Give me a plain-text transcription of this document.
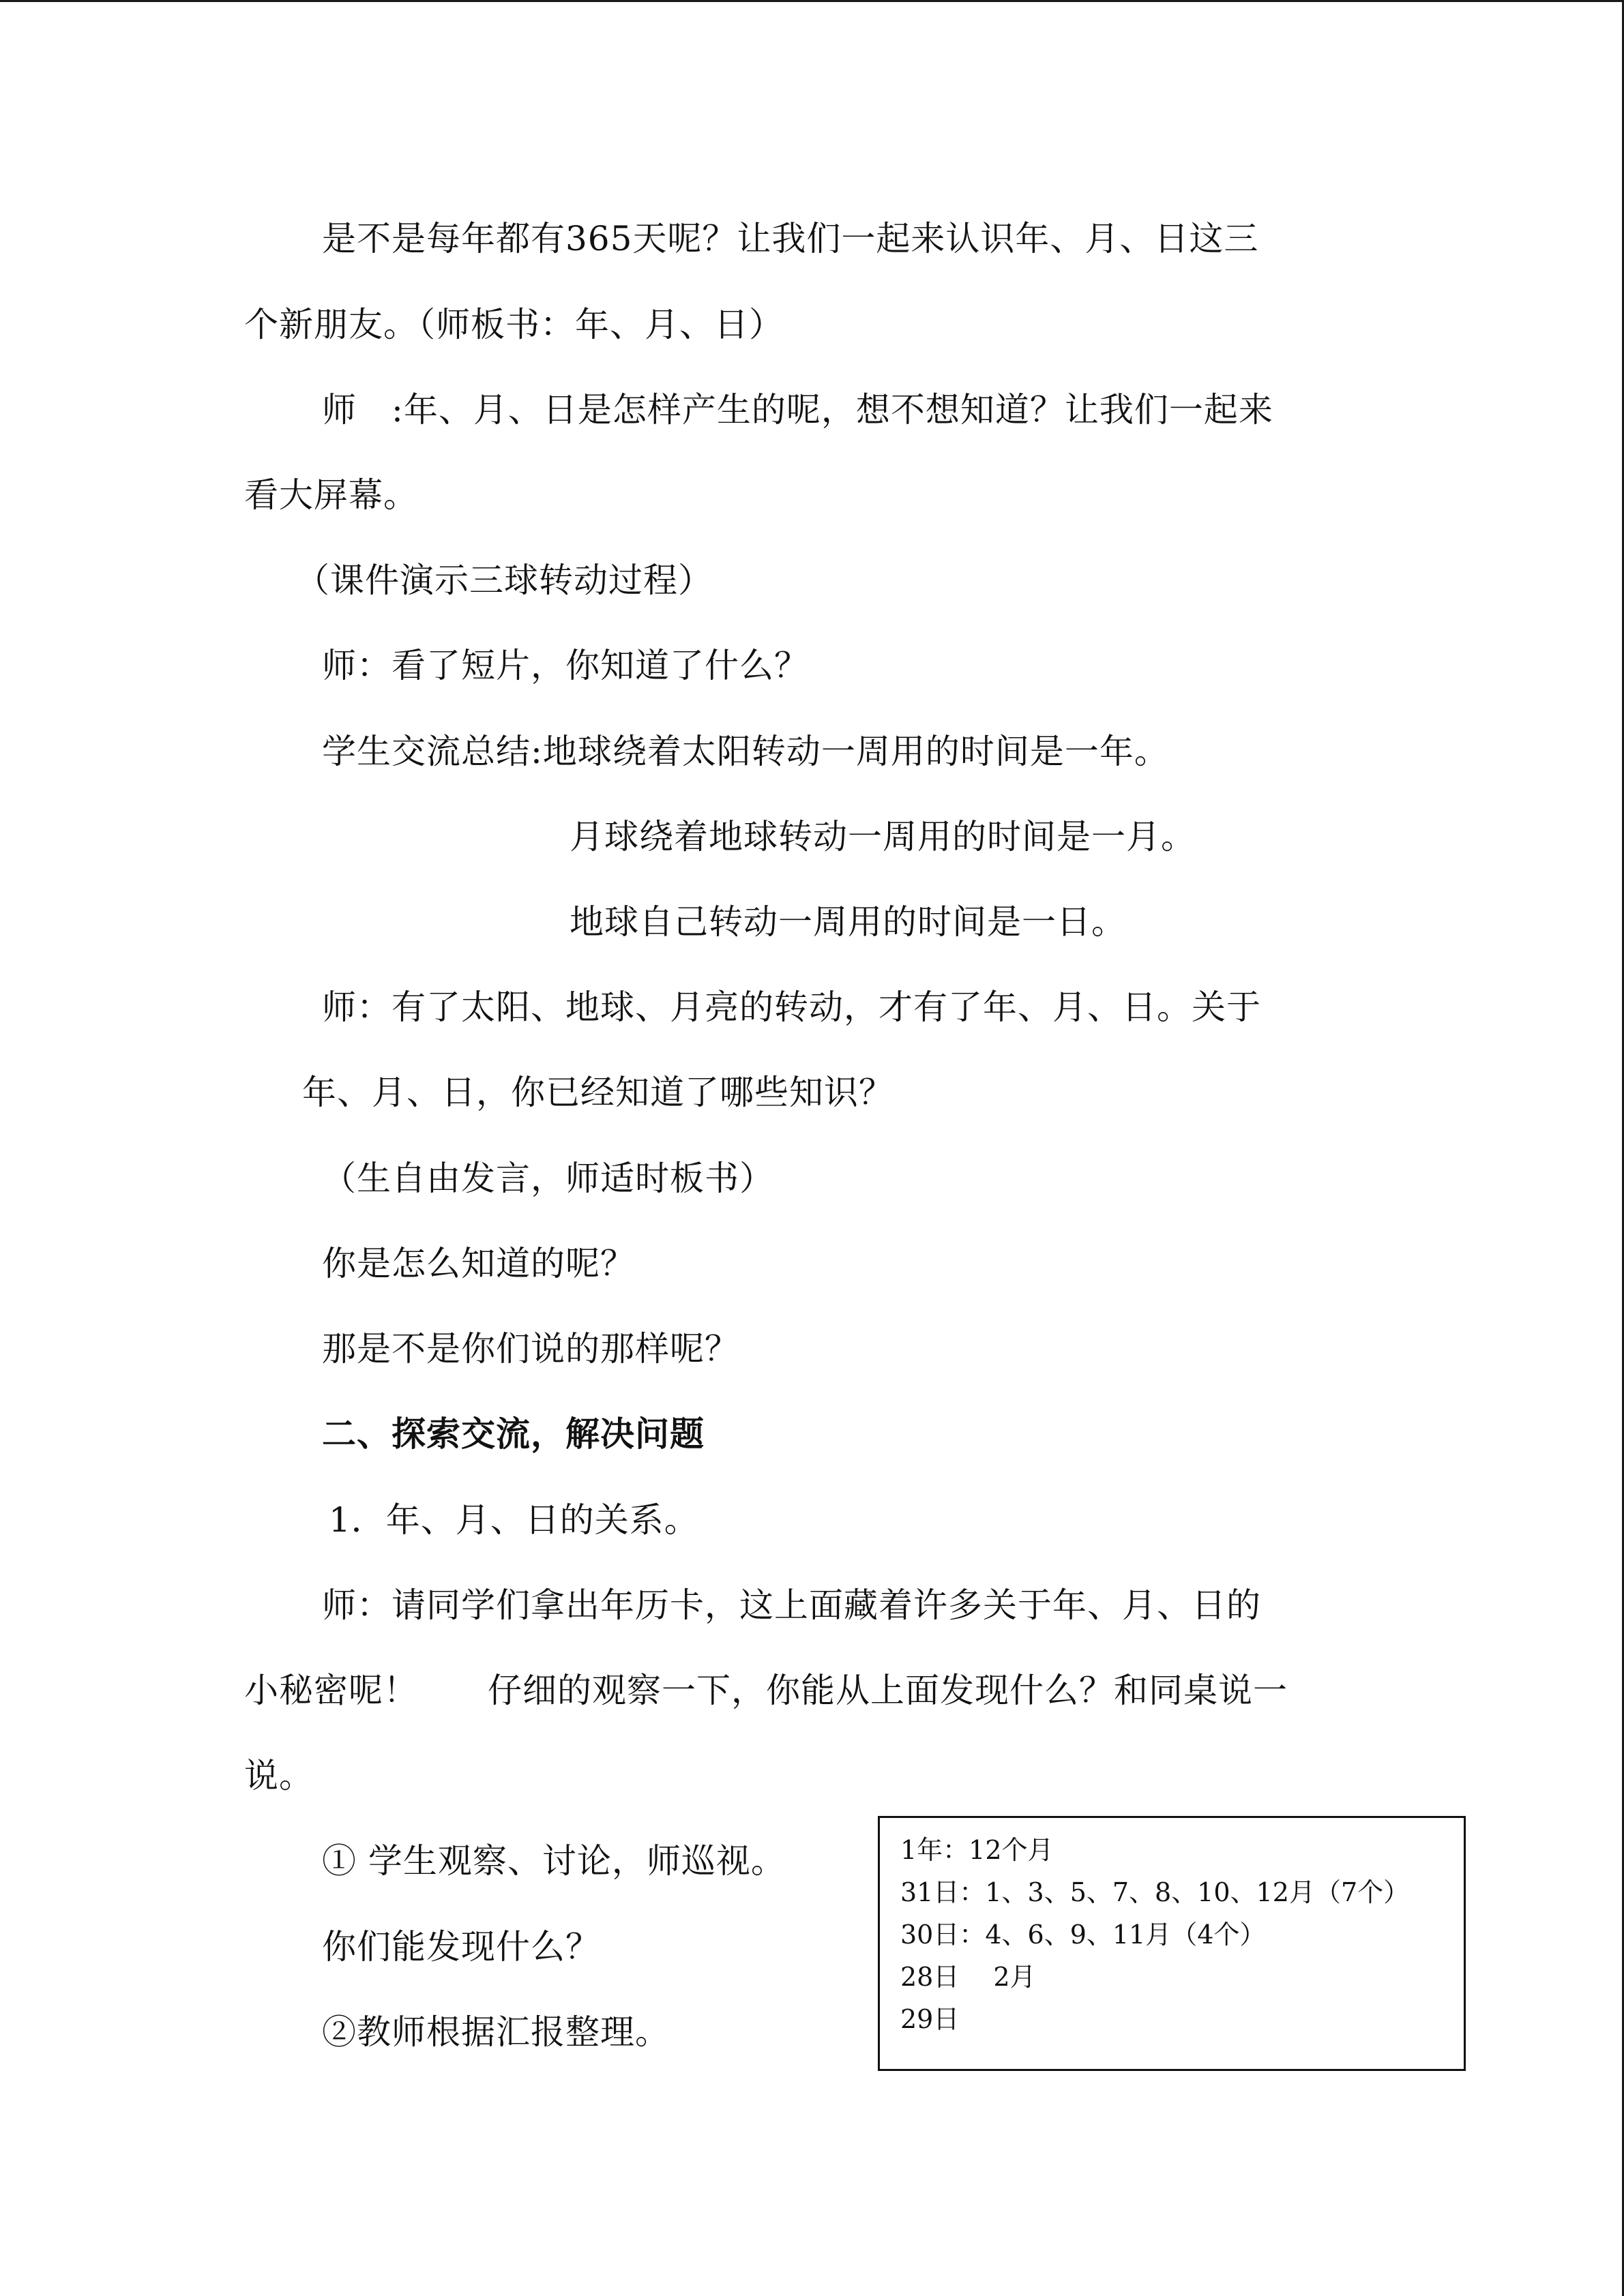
是不是每年都有365天呢？让我们一起来认识年、月、日这三
个新朋友。（师板书：年、月、日）
师　:年、月、日是怎样产生的呢，想不想知道？让我们一起来
看大屏幕。
（课件演示三球转动过程）
师：看了短片，你知道了什么？
学生交流总结:地球绕着太阳转动一周用的时间是一年。
月球绕着地球转动一周用的时间是一月。
地球自己转动一周用的时间是一日。
师：有了太阳、地球、月亮的转动，才有了年、月、日。关于
年、月、日，你已经知道了哪些知识？
（生自由发言，师适时板书）
你是怎么知道的呢？
那是不是你们说的那样呢？
二、探索交流，解决问题
1．年、月、日的关系。
师：请同学们拿出年历卡，这上面藏着许多关于年、月、日的
小秘密呢！　　仔细的观察一下，你能从上面发现什么？和同桌说一
说。
① 学生观察、讨论，师巡视。
你们能发现什么？
②教师根据汇报整理。
1年：12个月
31日：1、3、5、7、8、10、12月（7个）
30日：4、6、9、11月（4个）
28日　 2月
29日
